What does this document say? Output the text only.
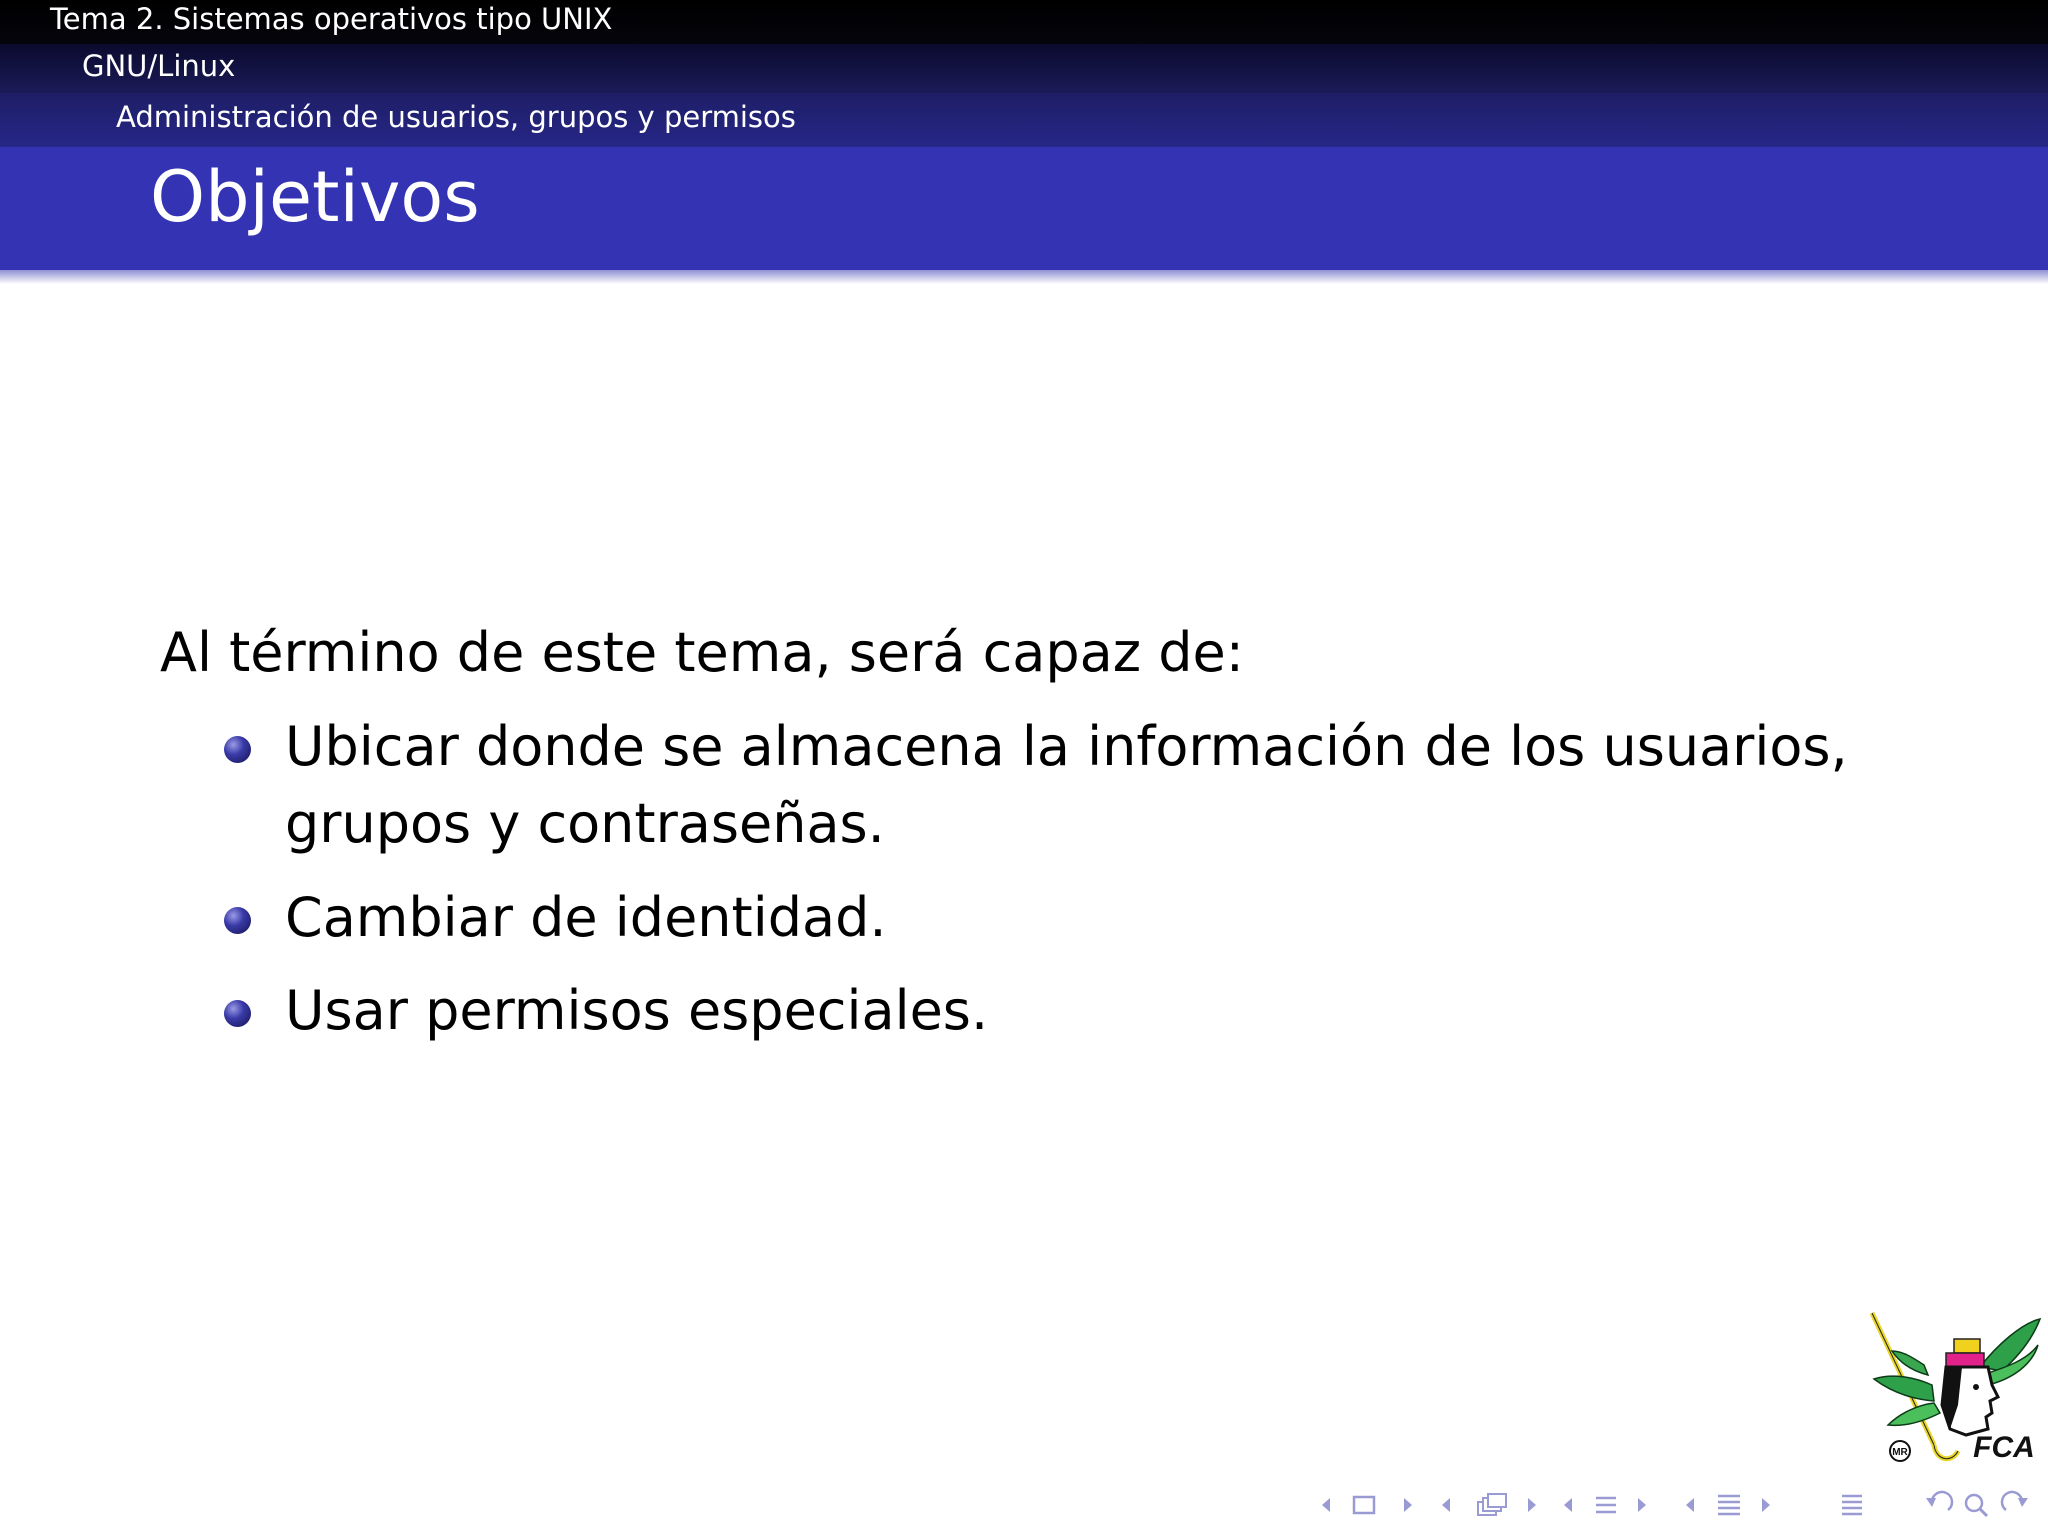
Tema 2. Sistemas operativos tipo UNIX
GNU/Linux
Administración de usuarios, grupos y permisos
Objetivos
Al término de este tema, será capaz de:
Ubicar donde se almacena la información de los usuarios, grupos y contraseñas.
Cambiar de identidad.
Usar permisos especiales.
MR FCA
